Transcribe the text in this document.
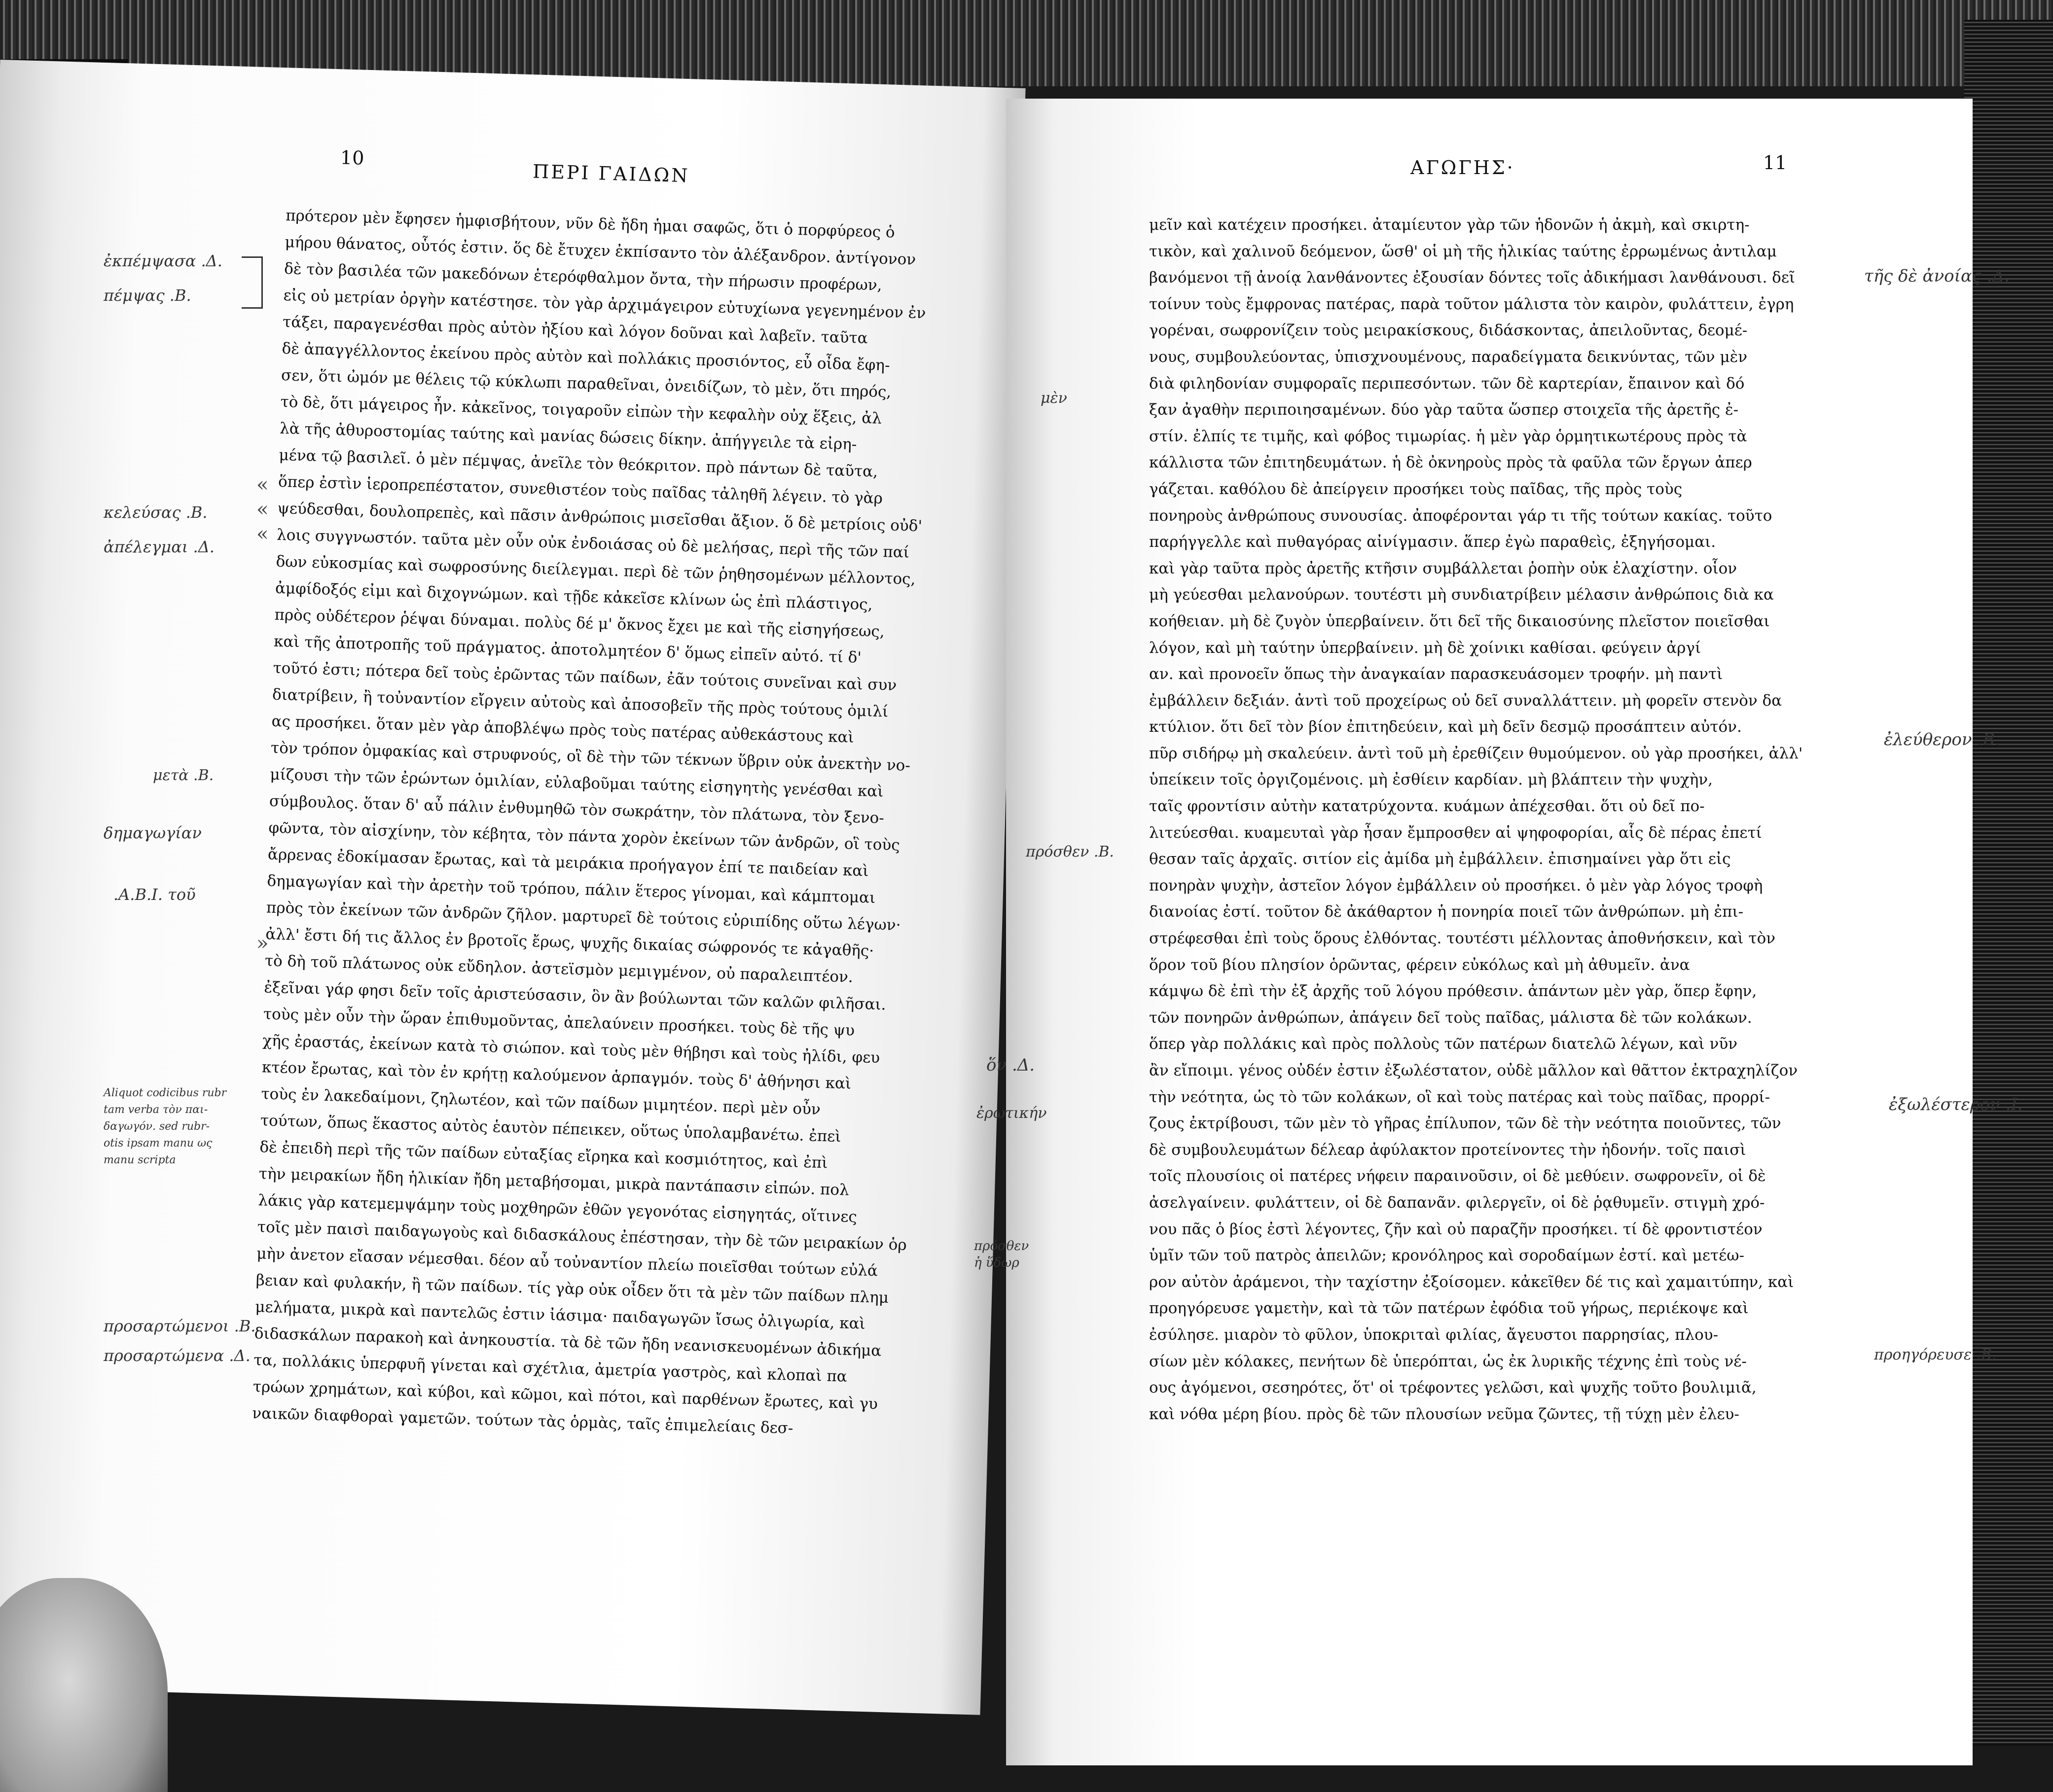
10
ΠΕΡΙ ΓΑΙΔΩΝ	11
ΑΓΩΓΗΣ·
πρότερον μὲν ἔφησεν ἡμφισβήτουν, νῦν δὲ ἤδη ἡμαι σαφῶς, ὅτι ὁ πορφύρεος ὁ
μήρου θάνατος, οὗτός ἐστιν. ὅς δὲ ἔτυχεν ἐκπίσαντο τὸν ἀλέξανδρον. ἀντίγονον
δὲ τὸν βασιλέα τῶν μακεδόνων ἑτερόφθαλμον ὄντα, τὴν πήρωσιν προφέρων,
εἰς οὐ μετρίαν ὀργὴν κατέστησε. τὸν γὰρ ἀρχιμάγειρον εὐτυχίωνα γεγενημένον ἐν
τάξει, παραγενέσθαι πρὸς αὐτὸν ἠξίου καὶ λόγον δοῦναι καὶ λαβεῖν. ταῦτα
δὲ ἀπαγγέλλοντος ἐκείνου πρὸς αὐτὸν καὶ πολλάκις προσιόντος, εὖ οἶδα ἔφη-
σεν, ὅτι ὠμόν με θέλεις τῷ κύκλωπι παραθεῖναι, ὀνειδίζων, τὸ μὲν, ὅτι πηρός,
τὸ δὲ, ὅτι μάγειρος ἦν. κἀκεῖνος, τοιγαροῦν εἰπὼν τὴν κεφαλὴν οὐχ ἕξεις, ἀλ
λὰ τῆς ἀθυροστομίας ταύτης καὶ μανίας δώσεις δίκην. ἀπήγγειλε τὰ εἰρη-
μένα τῷ βασιλεῖ. ὁ μὲν πέμψας, ἀνεῖλε τὸν θεόκριτον. πρὸ πάντων δὲ ταῦτα,
ὅπερ ἐστὶν ἱεροπρεπέστατον, συνεθιστέον τοὺς παῖδας τἀληθῆ λέγειν. τὸ γὰρ
ψεύδεσθαι, δουλοπρεπὲς, καὶ πᾶσιν ἀνθρώποις μισεῖσθαι ἄξιον. ὅ δὲ μετρίοις οὐδ'
λοις συγγνωστόν. ταῦτα μὲν οὖν οὐκ ἐνδοιάσας οὐ δὲ μελήσας, περὶ τῆς τῶν παί
δων εὐκοσμίας καὶ σωφροσύνης διείλεγμαι. περὶ δὲ τῶν ῥηθησομένων μέλλοντος,
ἀμφίδοξός εἰμι καὶ διχογνώμων. καὶ τῇδε κἀκεῖσε κλίνων ὡς ἐπὶ πλάστιγος,
πρὸς οὐδέτερον ῥέψαι δύναμαι. πολὺς δέ μ' ὄκνος ἔχει με καὶ τῆς εἰσηγήσεως,
καὶ τῆς ἀποτροπῆς τοῦ πράγματος. ἀποτολμητέον δ' ὅμως εἰπεῖν αὐτό. τί δ'
τοῦτό ἐστι; πότερα δεῖ τοὺς ἐρῶντας τῶν παίδων, ἐᾶν τούτοις συνεῖναι καὶ συν
διατρίβειν, ἢ τοὐναντίον εἴργειν αὐτοὺς καὶ ἀποσοβεῖν τῆς πρὸς τούτους ὁμιλί
ας προσήκει. ὅταν μὲν γὰρ ἀποβλέψω πρὸς τοὺς πατέρας αὐθεκάστους καὶ
τὸν τρόπον ὀμφακίας καὶ στρυφνούς, οἳ δὲ τὴν τῶν τέκνων ὕβριν οὐκ ἀνεκτὴν νο-
μίζουσι τὴν τῶν ἐρώντων ὁμιλίαν, εὐλαβοῦμαι ταύτης εἰσηγητὴς γενέσθαι καὶ
σύμβουλος. ὅταν δ' αὖ πάλιν ἐνθυμηθῶ τὸν σωκράτην, τὸν πλάτωνα, τὸν ξενο-
φῶντα, τὸν αἰσχίνην, τὸν κέβητα, τὸν πάντα χορὸν ἐκείνων τῶν ἀνδρῶν, οἳ τοὺς
ἄρρενας ἐδοκίμασαν ἔρωτας, καὶ τὰ μειράκια προήγαγον ἐπί τε παιδείαν καὶ
δημαγωγίαν καὶ τὴν ἀρετὴν τοῦ τρόπου, πάλιν ἕτερος γίνομαι, καὶ κάμπτομαι
πρὸς τὸν ἐκείνων τῶν ἀνδρῶν ζῆλον. μαρτυρεῖ δὲ τούτοις εὐριπίδης οὕτω λέγων·
ἀλλ' ἔστι δή τις ἄλλος ἐν βροτοῖς ἔρως, ψυχῆς δικαίας σώφρονός τε κἀγαθῆς·
τὸ δὴ τοῦ πλάτωνος οὐκ εὔδηλον. ἀστεϊσμὸν μεμιγμένον, οὐ παραλειπτέον.
ἐξεῖναι γάρ φησι δεῖν τοῖς ἀριστεύσασιν, ὃν ἂν βούλωνται τῶν καλῶν φιλῆσαι.
τοὺς μὲν οὖν τὴν ὥραν ἐπιθυμοῦντας, ἀπελαύνειν προσήκει. τοὺς δὲ τῆς ψυ
χῆς ἐραστάς, ἐκείνων κατὰ τὸ σιώπον. καὶ τοὺς μὲν θήβησι καὶ τοὺς ἠλίδι, φευ
κτέον ἔρωτας, καὶ τὸν ἐν κρήτῃ καλούμενον ἁρπαγμόν. τοὺς δ' ἀθήνησι καὶ
τοὺς ἐν λακεδαίμονι, ζηλωτέον, καὶ τῶν παίδων μιμητέον. περὶ μὲν οὖν
τούτων, ὅπως ἕκαστος αὐτὸς ἑαυτὸν πέπεικεν, οὕτως ὑπολαμβανέτω. ἐπεὶ
δὲ ἐπειδὴ περὶ τῆς τῶν παίδων εὐταξίας εἴρηκα καὶ κοσμιότητος, καὶ ἐπὶ
τὴν μειρακίων ἤδη ἡλικίαν ἤδη μεταβήσομαι, μικρὰ παντάπασιν εἰπών. πολ
λάκις γὰρ κατεμεμψάμην τοὺς μοχθηρῶν ἐθῶν γεγονότας εἰσηγητάς, οἵτινες
τοῖς μὲν παισὶ παιδαγωγοὺς καὶ διδασκάλους ἐπέστησαν, τὴν δὲ τῶν μειρακίων ὁρ
μὴν ἀνετον εἴασαν νέμεσθαι. δέον αὖ τοὐναντίον πλείω ποιεῖσθαι τούτων εὐλά
βειαν καὶ φυλακήν, ἢ τῶν παίδων. τίς γὰρ οὐκ οἶδεν ὅτι τὰ μὲν τῶν παίδων πλημ
μελήματα, μικρὰ καὶ παντελῶς ἐστιν ἰάσιμα· παιδαγωγῶν ἴσως ὀλιγωρία, καὶ
διδασκάλων παρακοὴ καὶ ἀνηκουστία. τὰ δὲ τῶν ἤδη νεανισκευομένων ἀδικήμα
τα, πολλάκις ὑπερφυῆ γίνεται καὶ σχέτλια, ἀμετρία γαστρὸς, καὶ κλοπαὶ πα
τρώων χρημάτων, καὶ κύβοι, καὶ κῶμοι, καὶ πότοι, καὶ παρθένων ἔρωτες, καὶ γυ
ναικῶν διαφθοραὶ γαμετῶν. τούτων τὰς ὁρμὰς, ταῖς ἐπιμελείαις δεσ-
μεῖν καὶ κατέχειν προσήκει. ἀταμίευτον γὰρ τῶν ἡδονῶν ἡ ἀκμὴ, καὶ σκιρτη-
τικὸν, καὶ χαλινοῦ δεόμενον, ὥσθ' οἱ μὴ τῆς ἡλικίας ταύτης ἐρρωμένως ἀντιλαμ
βανόμενοι τῇ ἀνοίᾳ λανθάνοντες ἐξουσίαν δόντες τοῖς ἀδικήμασι λανθάνουσι. δεῖ
τοίνυν τοὺς ἔμφρονας πατέρας, παρὰ τοῦτον μάλιστα τὸν καιρὸν, φυλάττειν, ἐγρη
γορέναι, σωφρονίζειν τοὺς μειρακίσκους, διδάσκοντας, ἀπειλοῦντας, δεομέ-
νους, συμβουλεύοντας, ὑπισχνουμένους, παραδείγματα δεικνύντας, τῶν μὲν
διὰ φιληδονίαν συμφοραῖς περιπεσόντων. τῶν δὲ καρτερίαν, ἔπαινον καὶ δό
ξαν ἀγαθὴν περιποιησαμένων. δύο γὰρ ταῦτα ὥσπερ στοιχεῖα τῆς ἀρετῆς ἐ-
στίν. ἐλπίς τε τιμῆς, καὶ φόβος τιμωρίας. ἡ μὲν γὰρ ὁρμητικωτέρους πρὸς τὰ
κάλλιστα τῶν ἐπιτηδευμάτων. ἡ δὲ ὀκνηροὺς πρὸς τὰ φαῦλα τῶν ἔργων ἀπερ
γάζεται. καθόλου δὲ ἀπείργειν προσήκει τοὺς παῖδας, τῆς πρὸς τοὺς
πονηροὺς ἀνθρώπους συνουσίας. ἀποφέρονται γάρ τι τῆς τούτων κακίας. τοῦτο
παρήγγελλε καὶ πυθαγόρας αἰνίγμασιν. ἅπερ ἐγὼ παραθεὶς, ἐξηγήσομαι.
καὶ γὰρ ταῦτα πρὸς ἀρετῆς κτῆσιν συμβάλλεται ῥοπὴν οὐκ ἐλαχίστην. οἷον
μὴ γεύεσθαι μελανούρων. τουτέστι μὴ συνδιατρίβειν μέλασιν ἀνθρώποις διὰ κα
κοήθειαν. μὴ δὲ ζυγὸν ὑπερβαίνειν. ὅτι δεῖ τῆς δικαιοσύνης πλεῖστον ποιεῖσθαι
λόγον, καὶ μὴ ταύτην ὑπερβαίνειν. μὴ δὲ χοίνικι καθίσαι. φεύγειν ἀργί
αν. καὶ προνοεῖν ὅπως τὴν ἀναγκαίαν παρασκευάσομεν τροφήν. μὴ παντὶ
ἐμβάλλειν δεξιάν. ἀντὶ τοῦ προχείρως οὐ δεῖ συναλλάττειν. μὴ φορεῖν στενὸν δα
κτύλιον. ὅτι δεῖ τὸν βίον ἐπιτηδεύειν, καὶ μὴ δεῖν δεσμῷ προσάπτειν αὐτόν.
πῦρ σιδήρῳ μὴ σκαλεύειν. ἀντὶ τοῦ μὴ ἐρεθίζειν θυμούμενον. οὐ γὰρ προσήκει, ἀλλ'
ὑπείκειν τοῖς ὀργιζομένοις. μὴ ἐσθίειν καρδίαν. μὴ βλάπτειν τὴν ψυχὴν,
ταῖς φροντίσιν αὐτὴν κατατρύχοντα. κυάμων ἀπέχεσθαι. ὅτι οὐ δεῖ πο-
λιτεύεσθαι. κυαμευταὶ γὰρ ἦσαν ἔμπροσθεν αἱ ψηφοφορίαι, αἷς δὲ πέρας ἐπετί
θεσαν ταῖς ἀρχαῖς. σιτίον εἰς ἀμίδα μὴ ἐμβάλλειν. ἐπισημαίνει γὰρ ὅτι εἰς
πονηρὰν ψυχὴν, ἀστεῖον λόγον ἐμβάλλειν οὐ προσήκει. ὁ μὲν γὰρ λόγος τροφὴ
διανοίας ἐστί. τοῦτον δὲ ἀκάθαρτον ἡ πονηρία ποιεῖ τῶν ἀνθρώπων. μὴ ἐπι-
στρέφεσθαι ἐπὶ τοὺς ὅρους ἐλθόντας. τουτέστι μέλλοντας ἀποθνήσκειν, καὶ τὸν
ὅρον τοῦ βίου πλησίον ὁρῶντας, φέρειν εὐκόλως καὶ μὴ ἀθυμεῖν. ἀνα
κάμψω δὲ ἐπὶ τὴν ἐξ ἀρχῆς τοῦ λόγου πρόθεσιν. ἁπάντων μὲν γὰρ, ὅπερ ἔφην,
τῶν πονηρῶν ἀνθρώπων, ἀπάγειν δεῖ τοὺς παῖδας, μάλιστα δὲ τῶν κολάκων.
ὅπερ γὰρ πολλάκις καὶ πρὸς πολλοὺς τῶν πατέρων διατελῶ λέγων, καὶ νῦν
ἂν εἴποιμι. γένος οὐδέν ἐστιν ἐξωλέστατον, οὐδὲ μᾶλλον καὶ θᾶττον ἐκτραχηλίζον
τὴν νεότητα, ὡς τὸ τῶν κολάκων, οἳ καὶ τοὺς πατέρας καὶ τοὺς παῖδας, προρρί-
ζους ἐκτρίβουσι, τῶν μὲν τὸ γῆρας ἐπίλυπον, τῶν δὲ τὴν νεότητα ποιοῦντες, τῶν
δὲ συμβουλευμάτων δέλεαρ ἀφύλακτον προτείνοντες τὴν ἡδονήν. τοῖς παισὶ
τοῖς πλουσίοις οἱ πατέρες νήφειν παραινοῦσιν, οἱ δὲ μεθύειν. σωφρονεῖν, οἱ δὲ
ἀσελγαίνειν. φυλάττειν, οἱ δὲ δαπανᾶν. φιλεργεῖν, οἱ δὲ ῥᾳθυμεῖν. στιγμὴ χρό-
νου πᾶς ὁ βίος ἐστὶ λέγοντες, ζῆν καὶ οὐ παραζῆν προσήκει. τί δὲ φροντιστέον
ὑμῖν τῶν τοῦ πατρὸς ἀπειλῶν; κρονόληρος καὶ σοροδαίμων ἐστί. καὶ μετέω-
ρον αὐτὸν ἀράμενοι, τὴν ταχίστην ἐξοίσομεν. κἀκεῖθεν δέ τις καὶ χαμαιτύπην, καὶ
προηγόρευσε γαμετὴν, καὶ τὰ τῶν πατέρων ἐφόδια τοῦ γήρως, περιέκοψε καὶ
ἐσύλησε. μιαρὸν τὸ φῦλον, ὑποκριταὶ φιλίας, ἄγευστοι παρρησίας, πλου-
σίων μὲν κόλακες, πενήτων δὲ ὑπερόπται, ὡς ἐκ λυρικῆς τέχνης ἐπὶ τοὺς νέ-
ους ἀγόμενοι, σεσηρότες, ὅτ' οἱ τρέφοντες γελῶσι, καὶ ψυχῆς τοῦτο βουλιμιᾶ,
καὶ νόθα μέρη βίου. πρὸς δὲ τῶν πλουσίων νεῦμα ζῶντες, τῇ τύχῃ μὲν ἐλευ-
«
«
«
»
ἐκπέμψασα .Δ.
πέμψας .Β.
κελεύσας .Β.
ἀπέλεγμαι .Δ.
μετὰ .Β.
δημαγωγίαν
.Α.Β.Ι. τοῦ
Aliquot codicibus rubr
tam verba τὸν παι-
δαγωγόν. sed rubr-
otis ipsam manu ως
manu scripta
προσαρτώμενοι .Β.
προσαρτώμενα .Δ.
μὲν
πρόσθεν .Β.
ὅν .Δ.
ἐρωτικήν
πρόσθεν
ἡ ὕδωρ
τῆς δὲ ἀνοίας .Δ.
ἐλεύθερον .Β.
ἐξωλέστερον .Ι.
προηγόρευσε .Β.
